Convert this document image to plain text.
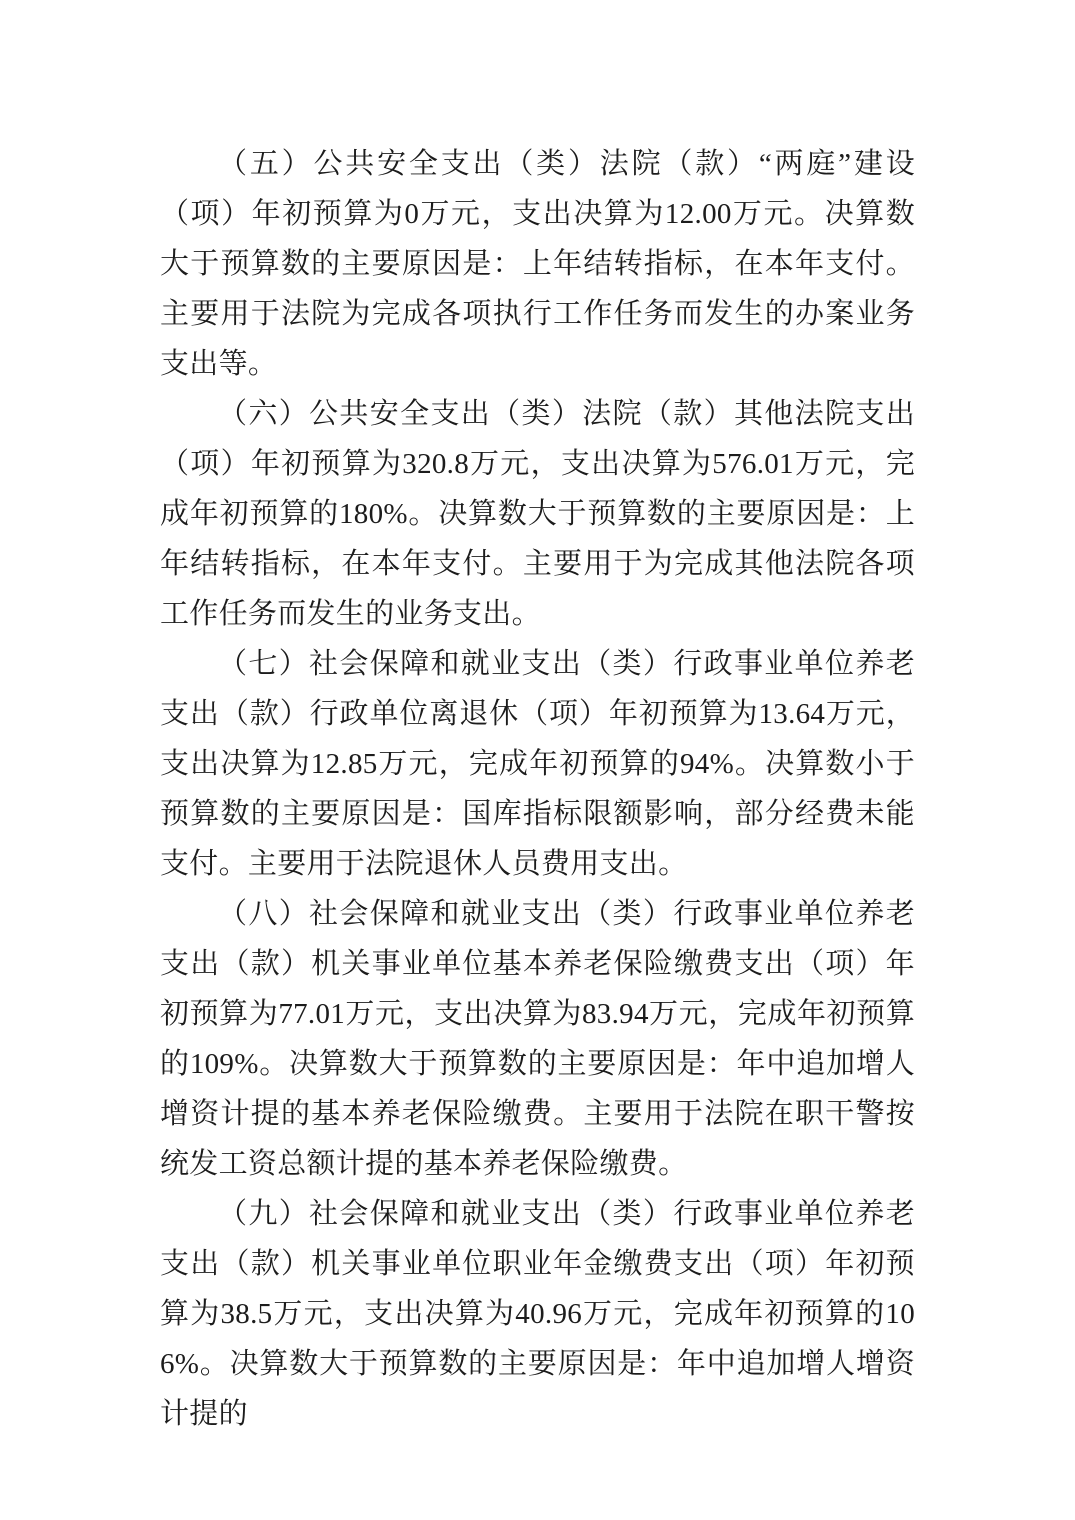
（五）公共安全支出（类）法院（款）“两庭”建设（项）年初预算为0万元，支出决算为12.00万元。决算数大于预算数的主要原因是：上年结转指标，在本年支付。主要用于法院为完成各项执行工作任务而发生的办案业务支出等。

（六）公共安全支出（类）法院（款）其他法院支出（项）年初预算为320.8万元，支出决算为576.01万元，完成年初预算的180%。决算数大于预算数的主要原因是：上年结转指标，在本年支付。主要用于为完成其他法院各项工作任务而发生的业务支出。

（七）社会保障和就业支出（类）行政事业单位养老支出（款）行政单位离退休（项）年初预算为13.64万元，支出决算为12.85万元，完成年初预算的94%。决算数小于预算数的主要原因是：国库指标限额影响，部分经费未能支付。主要用于法院退休人员费用支出。

（八）社会保障和就业支出（类）行政事业单位养老支出（款）机关事业单位基本养老保险缴费支出（项）年初预算为77.01万元，支出决算为83.94万元，完成年初预算的109%。决算数大于预算数的主要原因是：年中追加增人增资计提的基本养老保险缴费。主要用于法院在职干警按统发工资总额计提的基本养老保险缴费。

（九）社会保障和就业支出（类）行政事业单位养老支出（款）机关事业单位职业年金缴费支出（项）年初预算为38.5万元，支出决算为40.96万元，完成年初预算的106%。决算数大于预算数的主要原因是：年中追加增人增资计提的
